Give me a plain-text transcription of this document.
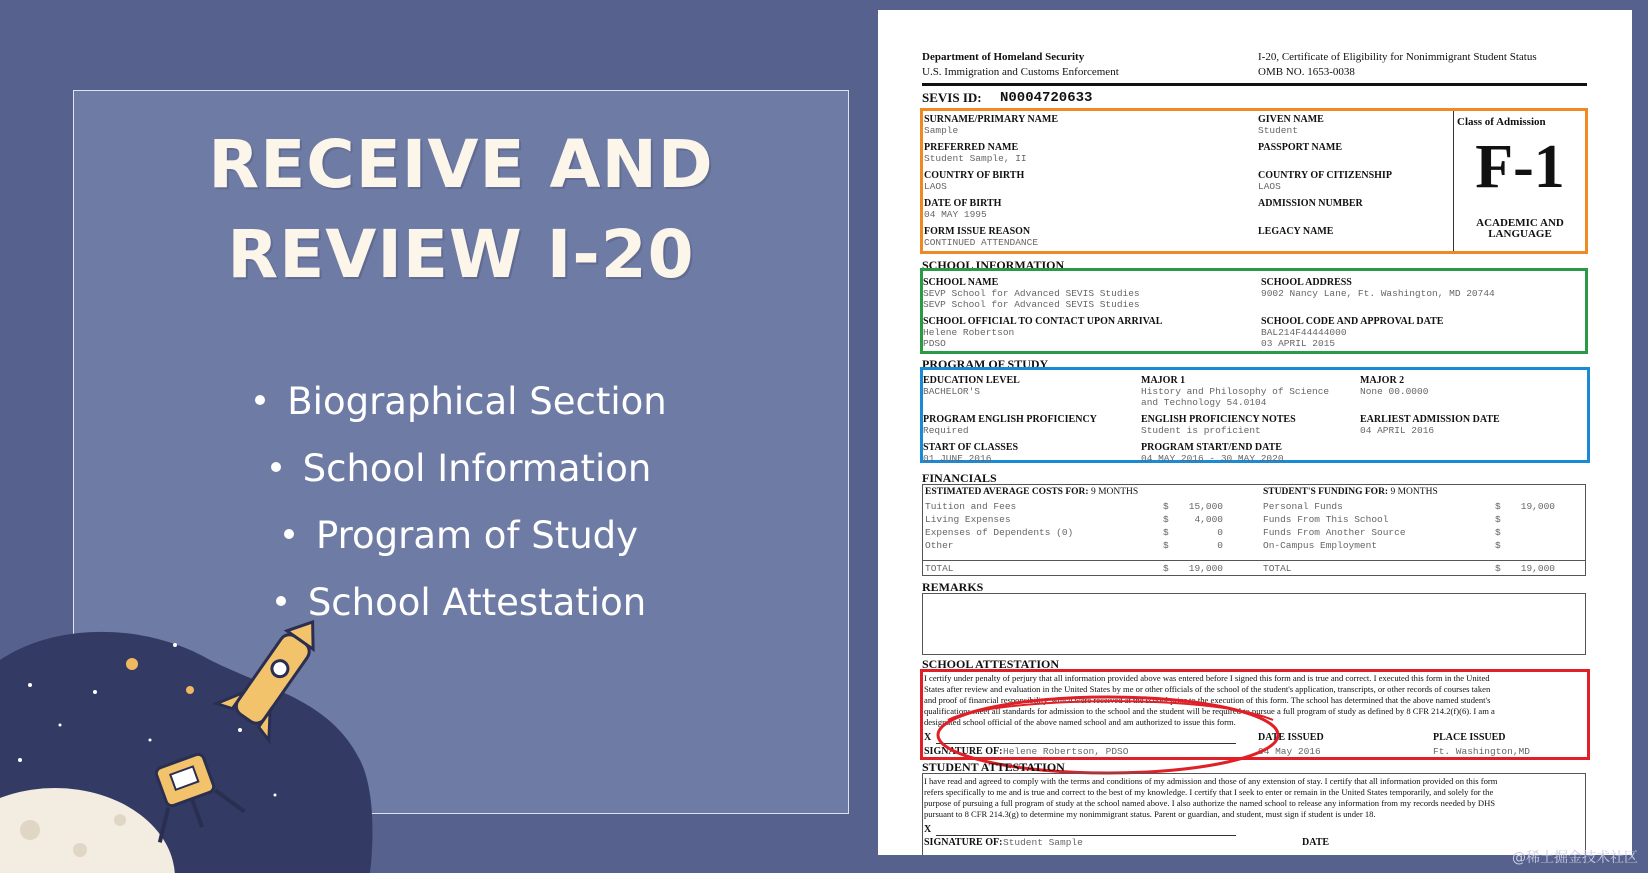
RECEIVE AND
REVIEW I-20
Biographical Section
School Information
Program of Study
School Attestation
Department of Homeland Security
U.S. Immigration and Customs Enforcement
I-20, Certificate of Eligibility for Nonimmigrant Student Status
OMB NO. 1653-0038
SEVIS ID: N0004720633
SURNAME/PRIMARY NAME
Sample
GIVEN NAME
Student
PREFERRED NAME
Student Sample, II
PASSPORT NAME
COUNTRY OF BIRTH
LAOS
COUNTRY OF CITIZENSHIP
LAOS
DATE OF BIRTH
04 MAY 1995
ADMISSION NUMBER
FORM ISSUE REASON
CONTINUED ATTENDANCE
LEGACY NAME
Class of Admission
F-1
ACADEMIC AND
LANGUAGE
SCHOOL INFORMATION
SCHOOL NAME
SEVP School for Advanced SEVIS Studies
SEVP School for Advanced SEVIS Studies
SCHOOL ADDRESS
9002 Nancy Lane, Ft. Washington, MD 20744
SCHOOL OFFICIAL TO CONTACT UPON ARRIVAL
Helene Robertson
PDSO
SCHOOL CODE AND APPROVAL DATE
BAL214F44444000
03 APRIL 2015
PROGRAM OF STUDY
EDUCATION LEVEL
BACHELOR'S
MAJOR 1
History and Philosophy of Science
and Technology 54.0104
MAJOR 2
None 00.0000
PROGRAM ENGLISH PROFICIENCY
Required
ENGLISH PROFICIENCY NOTES
Student is proficient
EARLIEST ADMISSION DATE
04 APRIL 2016
START OF CLASSES
01 JUNE 2016
PROGRAM START/END DATE
04 MAY 2016 - 30 MAY 2020
FINANCIALS
ESTIMATED AVERAGE COSTS FOR: 9 MONTHS	STUDENT'S FUNDING FOR: 9 MONTHS
Tuition and Fees	$	15,000
Living Expenses	$	4,000
Expenses of Dependents (0)	$	0
Other	$	0
TOTAL	$	19,000
Personal Funds	$	19,000
Funds From This School	$
Funds From Another Source	$
On-Campus Employment	$
TOTAL	$	19,000
REMARKS
SCHOOL ATTESTATION
I certify under penalty of perjury that all information provided above was entered before I signed this form and is true and correct. I executed this form in the United
States after review and evaluation in the United States by me or other officials of the school of the student's application, transcripts, or other records of courses taken
and proof of financial responsibility, which were received at the school prior to the execution of this form. The school has determined that the above named student's
qualifications meet all standards for admission to the school and the student will be required to pursue a full program of study as defined by 8 CFR 214.2(f)(6). I am a
designated school official of the above named school and am authorized to issue this form.
X
SIGNATURE OF: Helene Robertson, PDSO
DATE ISSUED
04 May 2016
PLACE ISSUED
Ft. Washington,MD
STUDENT ATTESTATION
I have read and agreed to comply with the terms and conditions of my admission and those of any extension of stay. I certify that all information provided on this form
refers specifically to me and is true and correct to the best of my knowledge. I certify that I seek to enter or remain in the United States temporarily, and solely for the
purpose of pursuing a full program of study at the school named above. I also authorize the named school to release any information from my records needed by DHS
pursuant to 8 CFR 214.3(g) to determine my nonimmigrant status. Parent or guardian, and student, must sign if student is under 18.
X
SIGNATURE OF: Student Sample	DATE
@稀土掘金技术社区
